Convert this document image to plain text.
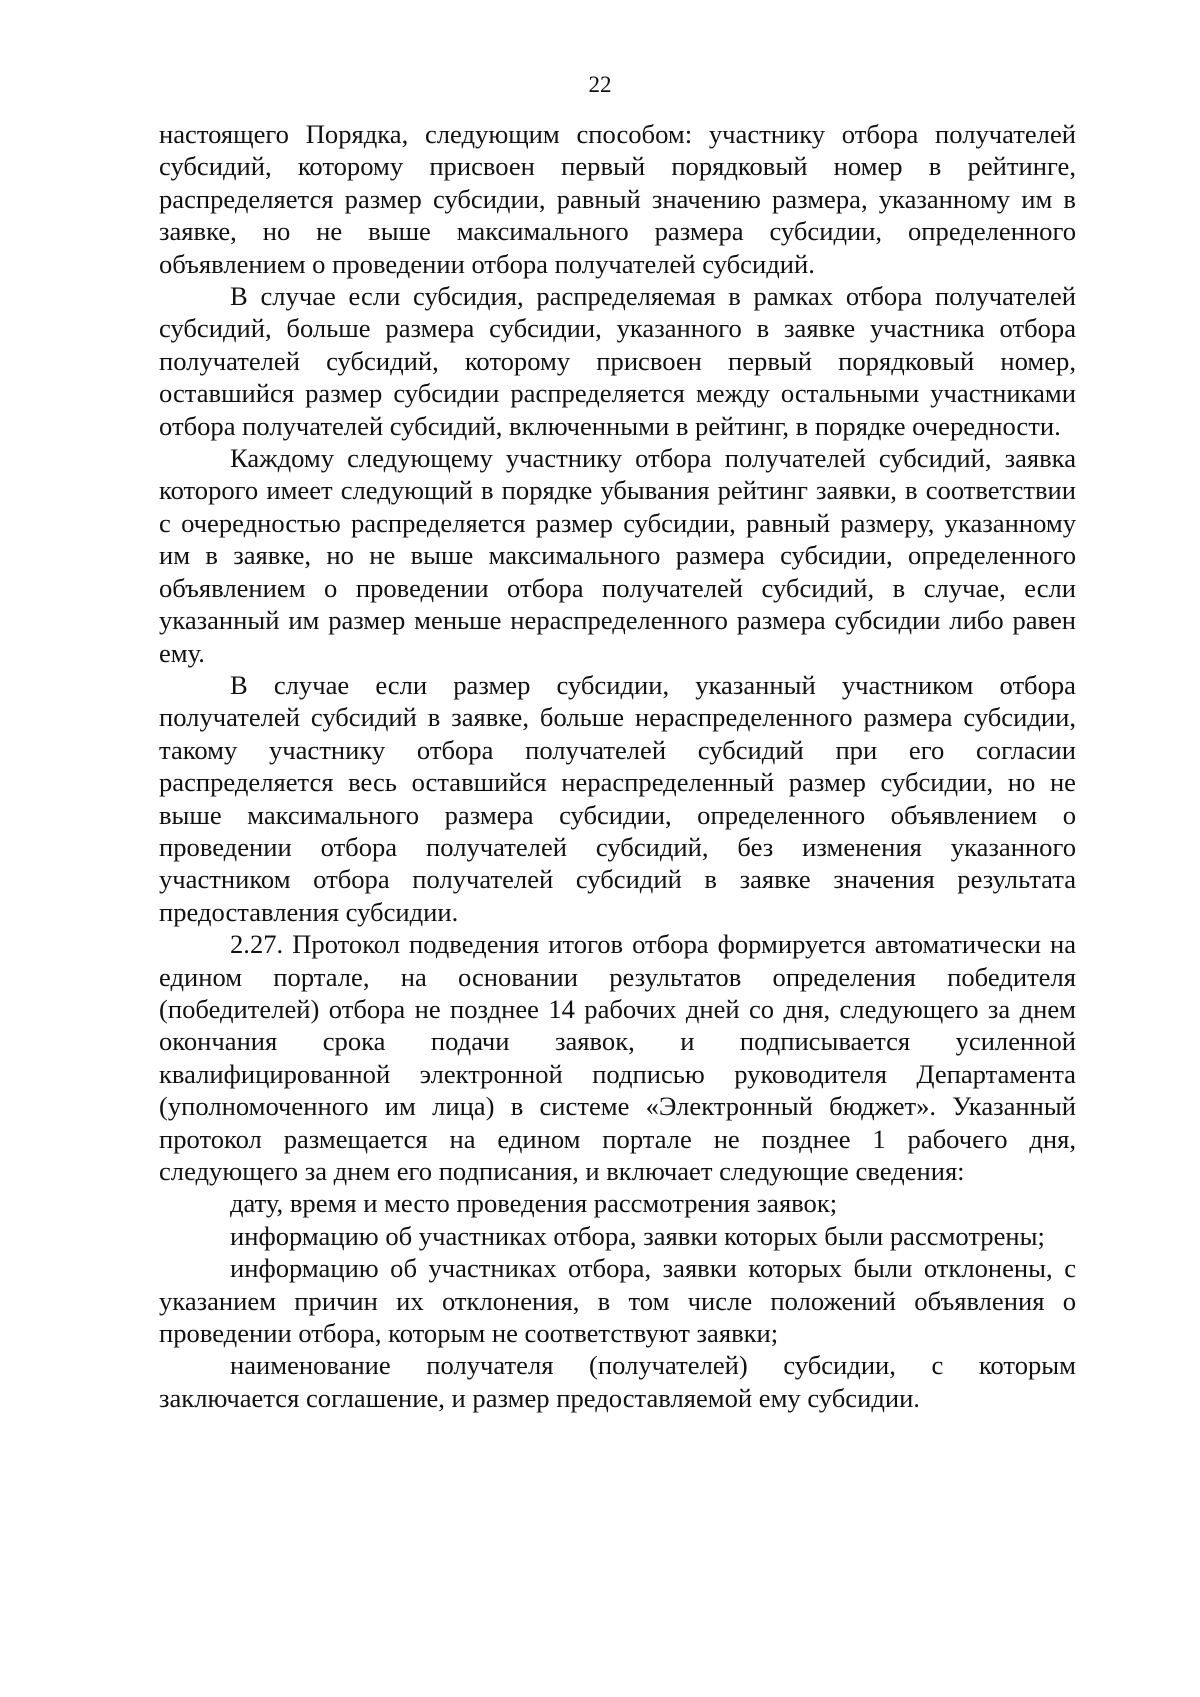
22

настоящего Порядка, следующим способом: участнику отбора получателей субсидий, которому присвоен первый порядковый номер в рейтинге, распределяется размер субсидии, равный значению размера, указанному им в заявке, но не выше максимального размера субсидии, определенного объявлением о проведении отбора получателей субсидий.

В случае если субсидия, распределяемая в рамках отбора получателей субсидий, больше размера субсидии, указанного в заявке участника отбора получателей субсидий, которому присвоен первый порядковый номер, оставшийся размер субсидии распределяется между остальными участниками отбора получателей субсидий, включенными в рейтинг, в порядке очередности.

Каждому следующему участнику отбора получателей субсидий, заявка которого имеет следующий в порядке убывания рейтинг заявки, в соответствии с очередностью распределяется размер субсидии, равный размеру, указанному им в заявке, но не выше максимального размера субсидии, определенного объявлением о проведении отбора получателей субсидий, в случае, если указанный им размер меньше нераспределенного размера субсидии либо равен ему.

В случае если размер субсидии, указанный участником отбора получателей субсидий в заявке, больше нераспределенного размера субсидии, такому участнику отбора получателей субсидий при его согласии распределяется весь оставшийся нераспределенный размер субсидии, но не выше максимального размера субсидии, определенного объявлением о проведении отбора получателей субсидий, без изменения указанного участником отбора получателей субсидий в заявке значения результата предоставления субсидии.

2.27. Протокол подведения итогов отбора формируется автоматически на едином портале, на основании результатов определения победителя (победителей) отбора не позднее 14 рабочих дней со дня, следующего за днем окончания срока подачи заявок, и подписывается усиленной квалифицированной электронной подписью руководителя Департамента (уполномоченного им лица) в системе «Электронный бюджет». Указанный протокол размещается на едином портале не позднее 1 рабочего дня, следующего за днем его подписания, и включает следующие сведения:

дату, время и место проведения рассмотрения заявок;

информацию об участниках отбора, заявки которых были рассмотрены;

информацию об участниках отбора, заявки которых были отклонены, с указанием причин их отклонения, в том числе положений объявления о проведении отбора, которым не соответствуют заявки;

наименование получателя (получателей) субсидии, с которым заключается соглашение, и размер предоставляемой ему субсидии.
